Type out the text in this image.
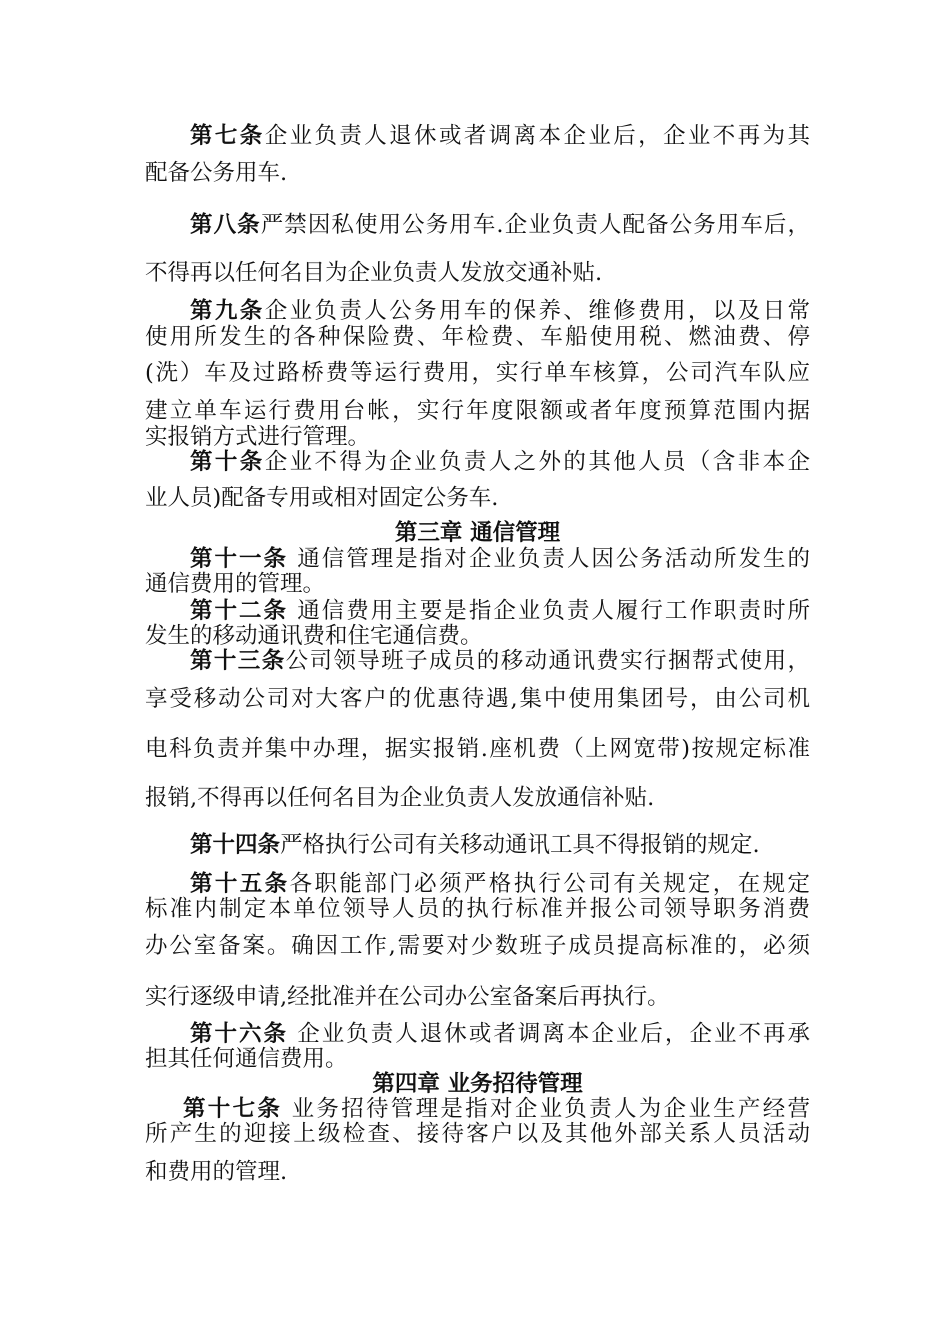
第七条企业负责人退休或者调离本企业后，企业不再为其
配备公务用车.
第八条严禁因私使用公务用车.企业负责人配备公务用车后，
不得再以任何名目为企业负责人发放交通补贴.
第九条企业负责人公务用车的保养、维修费用，以及日常
使用所发生的各种保险费、年检费、车船使用税、燃油费、停
(洗）车及过路桥费等运行费用，实行单车核算，公司汽车队应
建立单车运行费用台帐，实行年度限额或者年度预算范围内据
实报销方式进行管理。
第十条企业不得为企业负责人之外的其他人员（含非本企
业人员)配备专用或相对固定公务车.
第三章 通信管理
第十一条 通信管理是指对企业负责人因公务活动所发生的
通信费用的管理。
第十二条 通信费用主要是指企业负责人履行工作职责时所
发生的移动通讯费和住宅通信费。
第十三条公司领导班子成员的移动通讯费实行捆帮式使用，
享受移动公司对大客户的优惠待遇,集中使用集团号，由公司机
电科负责并集中办理，据实报销.座机费（上网宽带)按规定标准
报销,不得再以任何名目为企业负责人发放通信补贴.
第十四条严格执行公司有关移动通讯工具不得报销的规定.
第十五条各职能部门必须严格执行公司有关规定，在规定
标准内制定本单位领导人员的执行标准并报公司领导职务消费
办公室备案。确因工作,需要对少数班子成员提高标准的，必须
实行逐级申请,经批准并在公司办公室备案后再执行。
第十六条 企业负责人退休或者调离本企业后，企业不再承
担其任何通信费用。
第四章 业务招待管理
第十七条 业务招待管理是指对企业负责人为企业生产经营
所产生的迎接上级检查、接待客户以及其他外部关系人员活动
和费用的管理.
